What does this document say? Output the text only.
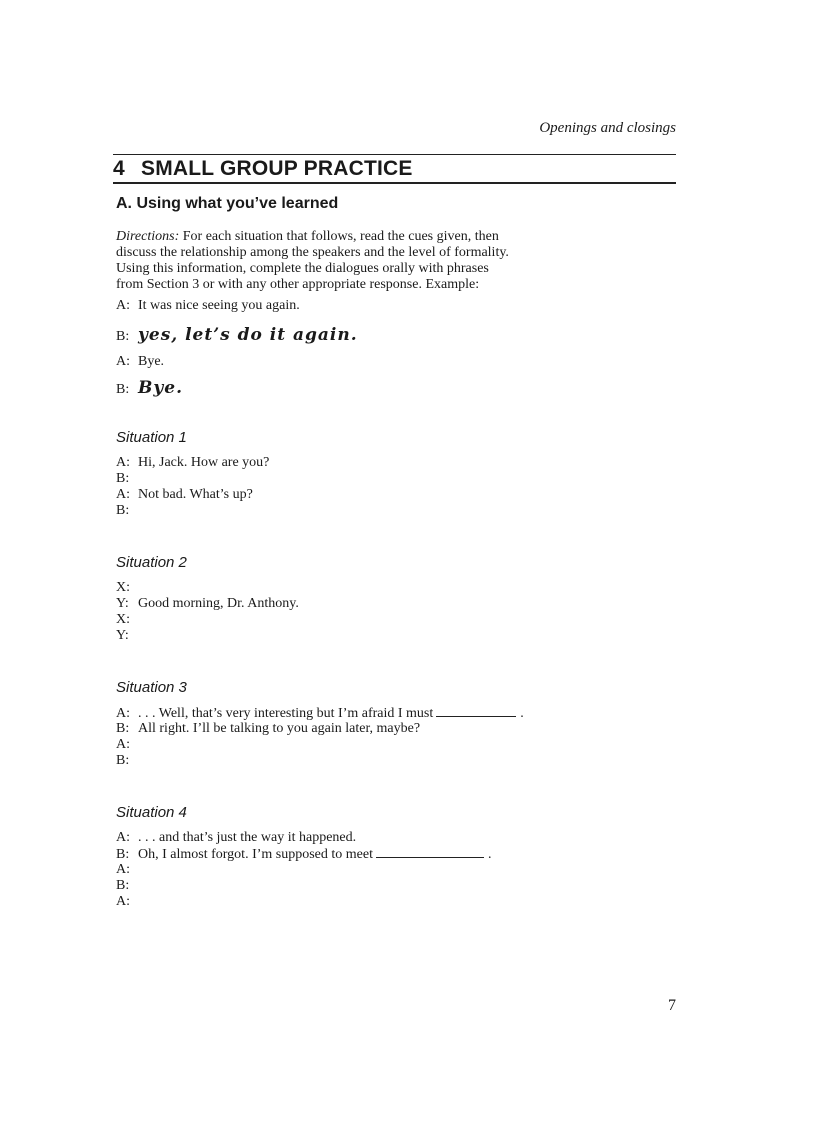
Openings and closings
4 SMALL GROUP PRACTICE
A. Using what you’ve learned
Directions: For each situation that follows, read the cues given, then
discuss the relationship among the speakers and the level of formality.
Using this information, complete the dialogues orally with phrases
from Section 3 or with any other appropriate response. Example:
A: It was nice seeing you again.
B: yes, let’s do it again.
A: Bye.
B: Bye.
Situation 1
A: Hi, Jack. How are you?
B:
A: Not bad. What’s up?
B:
Situation 2
X:
Y: Good morning, Dr. Anthony.
X:
Y:
Situation 3
A: . . . Well, that’s very interesting but I’m afraid I must	.
B: All right. I’ll be talking to you again later, maybe?
A:
B:
Situation 4
A: . . . and that’s just the way it happened.
B: Oh, I almost forgot. I’m supposed to meet	.
A:
B:
A:
7
